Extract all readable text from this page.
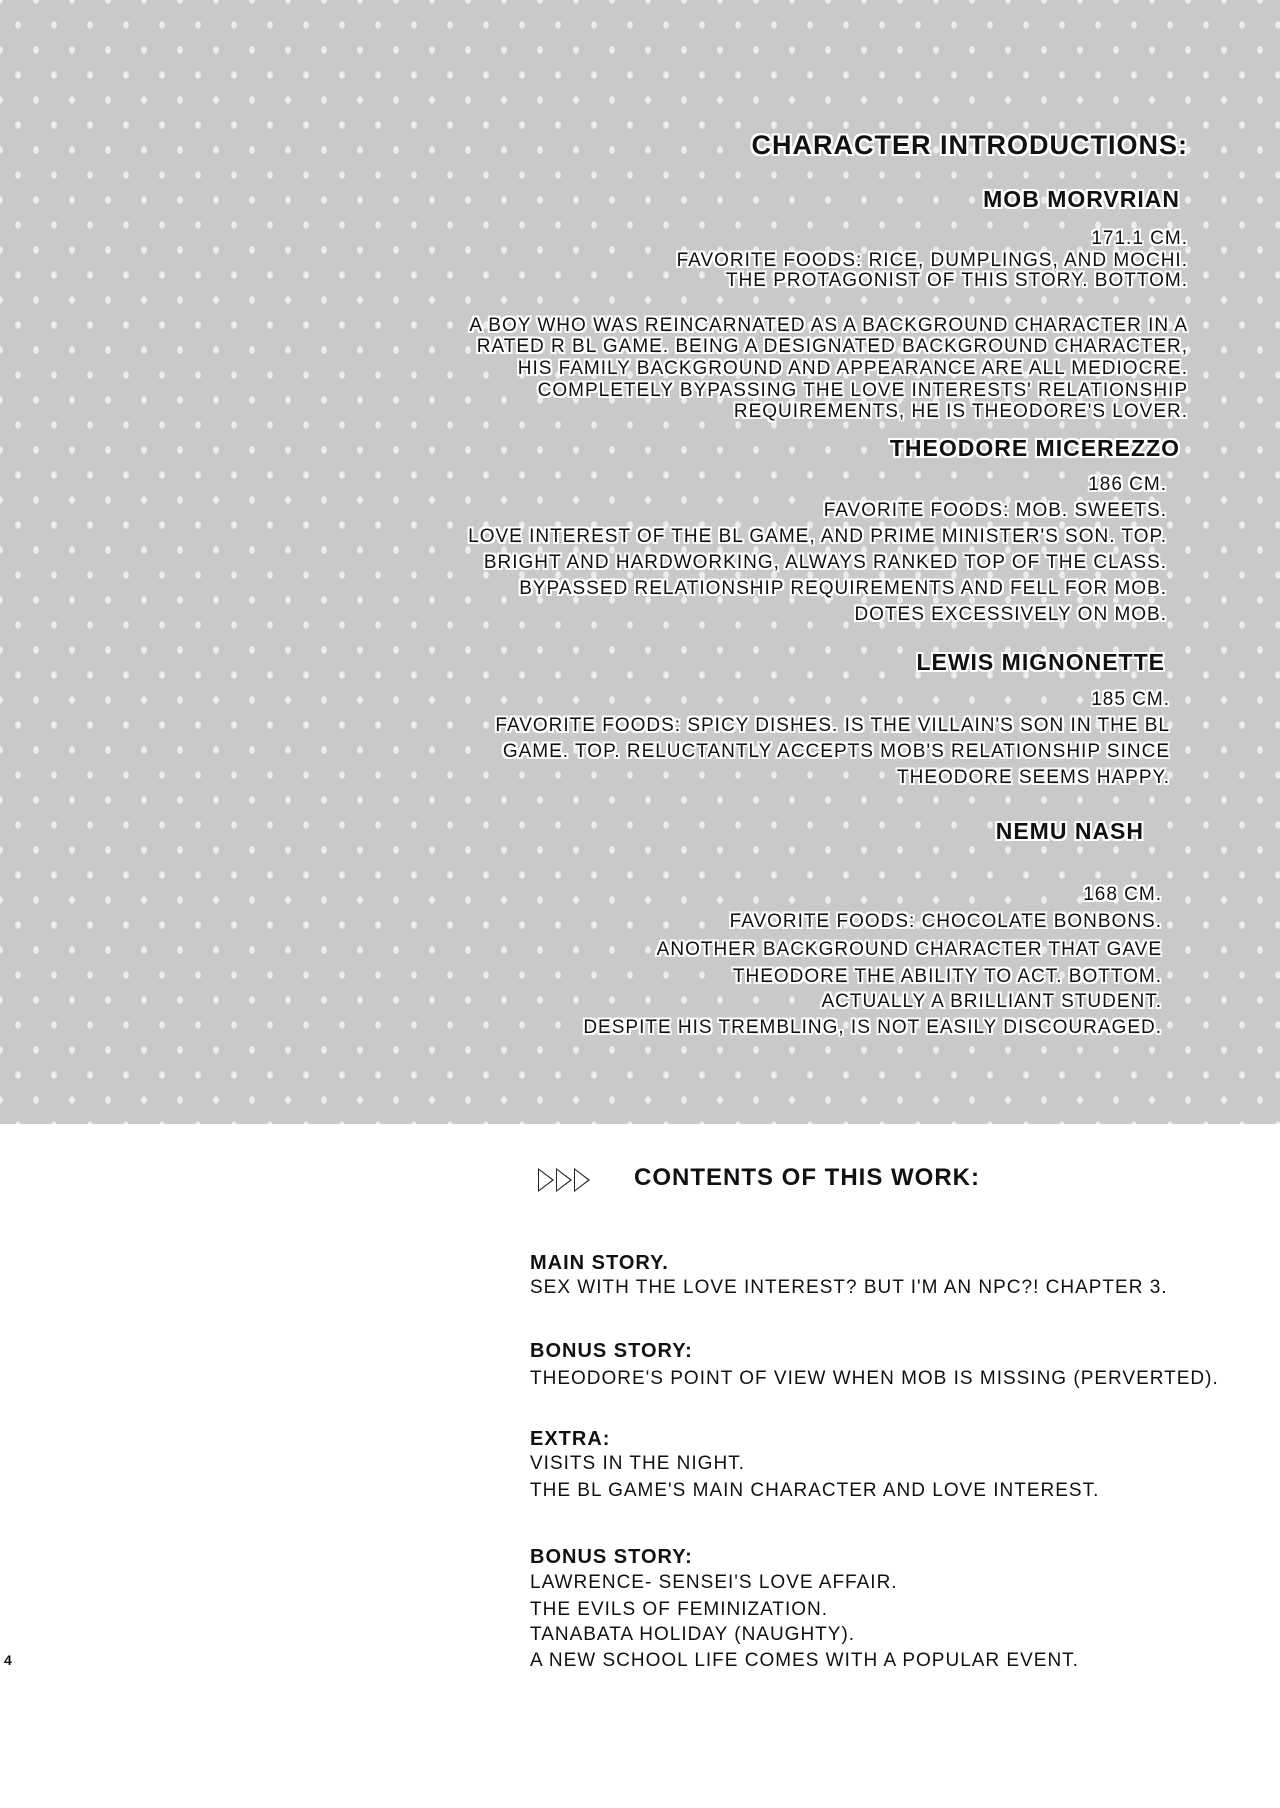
CHARACTER INTRODUCTIONS:
MOB MORVRIAN
171.1 CM.
FAVORITE FOODS: RICE, DUMPLINGS, AND MOCHI.
THE PROTAGONIST OF THIS STORY. BOTTOM.
A BOY WHO WAS REINCARNATED AS A BACKGROUND CHARACTER IN A
RATED R BL GAME. BEING A DESIGNATED BACKGROUND CHARACTER,
HIS FAMILY BACKGROUND AND APPEARANCE ARE ALL MEDIOCRE.
COMPLETELY BYPASSING THE LOVE INTERESTS' RELATIONSHIP
REQUIREMENTS, HE IS THEODORE'S LOVER.
THEODORE MICEREZZO
186 CM.
FAVORITE FOODS: MOB. SWEETS.
LOVE INTEREST OF THE BL GAME, AND PRIME MINISTER'S SON. TOP.
BRIGHT AND HARDWORKING, ALWAYS RANKED TOP OF THE CLASS.
BYPASSED RELATIONSHIP REQUIREMENTS AND FELL FOR MOB.
DOTES EXCESSIVELY ON MOB.
LEWIS MIGNONETTE
185 CM.
FAVORITE FOODS: SPICY DISHES. IS THE VILLAIN'S SON IN THE BL
GAME. TOP. RELUCTANTLY ACCEPTS MOB'S RELATIONSHIP SINCE
THEODORE SEEMS HAPPY.
NEMU NASH
168 CM.
FAVORITE FOODS: CHOCOLATE BONBONS.
ANOTHER BACKGROUND CHARACTER THAT GAVE
THEODORE THE ABILITY TO ACT. BOTTOM.
ACTUALLY A BRILLIANT STUDENT.
DESPITE HIS TREMBLING, IS NOT EASILY DISCOURAGED.
CONTENTS OF THIS WORK:
MAIN STORY.
SEX WITH THE LOVE INTEREST? BUT I'M AN NPC?! CHAPTER 3.
BONUS STORY:
THEODORE'S POINT OF VIEW WHEN MOB IS MISSING (PERVERTED).
EXTRA:
VISITS IN THE NIGHT.
THE BL GAME'S MAIN CHARACTER AND LOVE INTEREST.
BONUS STORY:
LAWRENCE- SENSEI'S LOVE AFFAIR.
THE EVILS OF FEMINIZATION.
TANABATA HOLIDAY (NAUGHTY).
A NEW SCHOOL LIFE COMES WITH A POPULAR EVENT.
4
